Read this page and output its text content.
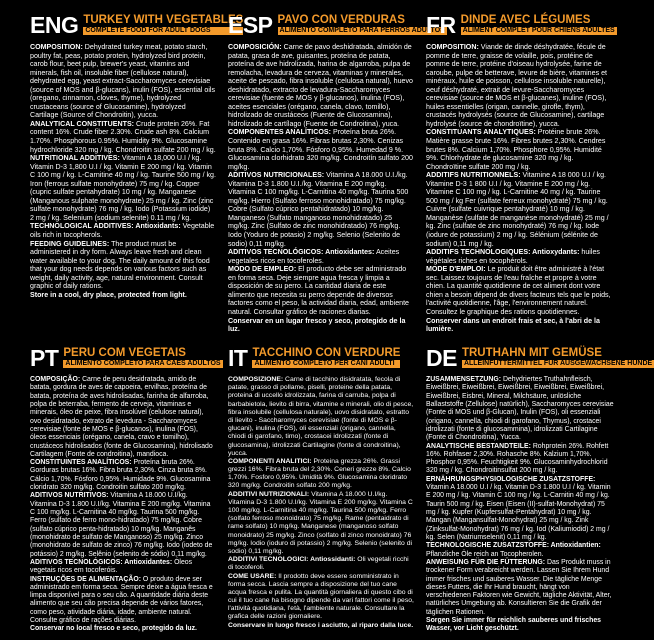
ENG TURKEY WITH VEGETABLES
COMPLETE FOOD FOR ADULT DOGS

COMPOSITION: Dehydrated turkey meat, potato starch, poultry fat, peas, potato protein, hydrolyzed bird protein, carob flour, beet pulp, brewer's yeast, vitamins and minerals, fish oil, insoluble fiber (cellulose natural), dehydrated egg, yeast extract-Saccharomyces cerevisiae (source of MOS and β-glucans), inulin (FOS), essential oils (oregano, cinnamon, cloves, thyme), hydrolyzed crustaceans (source of Glucosamine), hydrolyzed Cartilage (Source of Chondroitin), yucca.

ANALYTICAL CONSTITUENTS: Crude protein 26%. Fat content 16%. Crude fiber 2.30%. Crude ash 8%. Calcium 1.70%. Phosphorous 0.95%. Humidity 9%. Glucosamine hydrochloride 320 mg / kg. Chondroitin sulfate 200 mg / kg.

NUTRITIONAL ADDITIVES: Vitamin A 18,000 U.I / kg. Vitamin D-3 1,800 U.I / kg. Vitamin E 200 mg / kg. Vitamin C 100 mg / kg. L-Carnitine 40 mg / kg. Taurine 500 mg / kg. Iron (ferrous sulfate monohydrate) 75 mg / kg. Copper (cupric sulfate pentahydrate) 10 mg / kg. Manganese (Manganous sulphate monohydrate) 25 mg / kg. Zinc (zinc sulfate monohydrate) 76 mg / kg. Iodo (Potassium iodide) 2 mg / kg. Selenium (sodium selenite) 0.11 mg / kg.

TECHNOLOGICAL ADDITIVES: Antioxidants: Vegetable oils rich in tocopherols.

FEEDING GUIDELINES: The product must be administered in dry form. Always leave fresh and clean water available to your dog. The daily amount of this food that your dog needs depends on various factors such as weight, daily activity, age, natural environment. Consult graphic of daily rations.

Store in a cool, dry place, protected from light.

ESP PAVO CON VERDURAS
ALIMENTO COMPLETO PARA PERROS ADULTOS

COMPOSICIÓN: Carne de pavo deshidratada, almidón de patata, grasa de ave, guisantes, proteína de patata, proteína de ave hidrolizada, harina de algarroba, pulpa de remolacha, levadura de cerveza, vitaminas y minerales, aceite de pescado, fibra insoluble (celulosa natural), huevo deshidratado, extracto de levadura-Saccharomyces cerevisiae (fuente de MOS y β-glucanos), inulina (FOS), aceites esenciales (orégano, canela, clavo, tomillo), hidrolizado de crustáceos (Fuente de Glucosamina), hidrolizado de cartílago (Fuente de Condroitina), yuca.

COMPONENTES ANALÍTICOS: Proteína bruta 26%. Contenido en grasa 16%. Fibras brutas 2,30%. Cenizas bruta 8%. Calcio 1,70%. Fósforo 0,95%. Humedad 9 %. Glucosamina clorhidrato 320 mg/kg. Condroitín sulfato 200 mg/kg.

ADITIVOS NUTRICIONALES: Vitamina A 18.000 U.I./kg. Vitamina D-3 1.800 U.I./kg. Vitamina E 200 mg/kg. Vitamina C 100 mg/kg. L-Carnitina 40 mg/kg. Taurina 500 mg/kg. Hierro (Sulfato ferroso monohidratado) 75 mg/kg. Cobre (Sulfato cúprico pentahidratado) 10 mg/kg. Manganeso (Sulfato manganoso monohidratado) 25 mg/kg. Zinc (Sulfato de zinc monohidratado) 76 mg/kg. Iodo (Yoduro de potasio) 2 mg/kg. Selenio (Selenito de sodio) 0,11 mg/kg.

ADITIVOS TECNOLÓGICOS: Antioxidantes: Aceites vegetales ricos en tocoferoles.

MODO DE EMPLEO: El producto debe ser administrado en forma seca. Deje siempre agua fresca y limpia a disposición de su perro. La cantidad diaria de este alimento que necesita su perro depende de diversos factores como el peso, la actividad diaria, edad, ambiente natural. Consultar gráfico de raciones diarias.

Conservar en un lugar fresco y seco, protegido de la luz.

FR DINDE AVEC LÉGUMES
ALIMENT COMPLET POUR CHIENS ADULTES

COMPOSITION: Viande de dinde déshydratée, fécule de pomme de terre, graisse de volaille, pois, protéine de pomme de terre, protéine d'oiseau hydrolysée, farine de caroube, pulpe de betterave, levure de bière, vitamines et minéraux, huile de poisson, cellulose insoluble naturelle), oeuf déshydraté, extrait de levure-Saccharomyces cerevisiae (source de MOS et β-glucanes), inuline (FOS), huiles essentielles (origan, cannelle, girofle, thym), crustacés hydrolysés (source de Glucosamine), cartilage hydrolysé (source de chondroïtine), yucca.

CONSTITUANTS ANALYTIQUES: Protéine brute 26%. Matière grasse brute 16%. Fibres brutes 2,30%. Cendres brutes 8%. Calcium 1,70%. Phosphore 0,95%. Humidité 9%. Chlorhydrate de glucosamine 320 mg / kg. Chondroïtine sulfate 200 mg / kg.

ADDITIFS NUTRITIONNELS: Vitamine A 18 000 U.I / kg. Vitamine D-3 1 800 U.I / kg. Vitamine E 200 mg / kg. Vitamine C 100 mg / kg. L-Carnitine 40 mg / kg. Taurine 500 mg / kg Fer (sulfate ferreux monohydraté) 75 mg / kg. Cuivre (sulfate cuivrique pentahydraté) 10 mg / kg. Manganèse (sulfate de manganèse monohydraté) 25 mg / kg. Zinc (sulfate de zinc monohydraté) 76 mg / kg. Iode (iodure de potassium) 2 mg / kg. Sélénium (sélénite de sodium) 0,11 mg / kg.

ADDITIFS TECHNOLOGIQUES: Antioxydants: huiles végétales riches en tocophérols.

MODE D'EMPLOI: Le produit doit être administré à l'état sec. Laissez toujours de l'eau fraîche et propre à votre chien. La quantité quotidienne de cet aliment dont votre chien a besoin dépend de divers facteurs tels que le poids, l'activité quotidienne, l'âge, l'environnement naturel. Consultez le graphique des rations quotidiennes.

Conserver dans un endroit frais et sec, à l'abri de la lumière.

PT PERU COM VEGETAIS
ALIMENTO COMPLETO PARA CÃES ADULTOS

COMPOSIÇÃO: Carne de peru desidratada, amido de batata, gordura de aves de capoeira, ervilhas, proteína de batata, proteína de aves hidrolisadas, farinha de alfarroba, polpa de beterraba, fermento de cerveja, vitaminas e minerais, óleo de peixe, fibra insolúvel (celulose natural), ovo desidratado, extrato de levedura - Saccharomyces cerevisiae (fonte de MOS e β-glucanos), inulina (FOS), óleos essenciais (orégano, canela, cravo e tomilho), crustáceos hidrolisados (fonte de Glucosamina), hidrolisado Cartilagem (Fonte de condroitina), mandioca.

CONSTITUINTES ANALÍTICOS: Proteína bruta 26%. Gorduras brutas 16%. Fibra bruta 2,30%. Cinza bruta 8%. Cálcio 1,70%. Fósforo 0,95%. Humidade 9%. Glucosamina cloridrato 320 mg/kg. Condroitin sulfato 200 mg/kg.

ADITIVOS NUTRITIVOS: Vitamina A 18.000 U.I/kg. Vitamina D-3 1.800 U.I/kg. Vitamina E 200 mg/kg. Vitamina C 100 mg/kg. L-Carnitina 40 mg/kg. Taurina 500 mg/kg. Ferro (sulfato de ferro mono-hidratado) 75 mg/kg. Cobre (sulfato cúprico penta-hidratado) 10 mg/kg. Manganês (monohidrato de sulfato de Manganoso) 25 mg/kg. Zinco (monohidrato de sulfato de zinco) 76 mg/kg. Iodo (iodeto de potássio) 2 mg/kg. Selênio (selenito de sódio) 0,11 mg/kg.

ADITIVOS TECNOLÓGICOS: Antioxidantes: Óleos vegetais ricos em tocoferóis.

INSTRUÇÕES DE ALIMENTAÇÃO: O produto deve ser administrado em forma seca. Sempre deixe a água fresca e limpa disponível para o seu cão. A quantidade diária deste alimento que seu cão precisa depende de vários fatores, como peso, atividade diária, idade, ambiente natural. Consulte gráfico de rações diárias.

Conservar no local fresco e seco, protegido da luz.

IT TACCHINO CON VERDURE
ALIMENTO COMPLETO PER CANI ADULTI

COMPOSIZIONE: Carne di tacchino disidratata, fecola di patate, grasso di pollame, piselli, proteine della patata, proteina di uccello idrolizzata, farina di carruba, polpa di barbabietola, lievito di birra, vitamine e minerali, olio di pesce, fibra insolubile (cellulosa naturale), uovo disidratato, estratto di lievito - Saccharomyces cerevisiae (fonte di MOS e β-glucani), inulina (FOS), oli essenziali (origano, cannella, chiodi di garofano, timo), crostacei idrolizzati (fonte di glucosamina), idrolizzati Cartilagine (fonte di condroitina), yucca.

COMPONENTI ANALITICI: Proteina grezza 26%. Grassi grezzi 16%. Fibra bruta del 2,30%. Ceneri grezze 8%. Calcio 1,70%. Fosforo 0,95%. Umidità 9%. Glucosamina cloridrato 320 mg/kg. Condroitin solfato 200 mg/kg.

ADDITIVI NUTRIZIONALI: Vitamina A 18.000 U.I/kg. Vitamina D-3 1.800 U.I/kg. Vitamina E 200 mg/kg. Vitamina C 100 mg/kg. L-Carnitina 40 mg/kg. Taurina 500 mg/kg. Ferro (solfato ferroso monoidrato) 75 mg/kg. Rame (pentaidrato di rame solfato) 10 mg/kg. Manganese (manganoso solfato monoidrato) 25 mg/kg. Zinco (solfato di zinco monoidrato) 76 mg/kg. Iodio (ioduro di potassio) 2 mg/kg. Selenio (selenito di sodio) 0,11 mg/kg.

ADDITIVI TECNOLOGICI: Antiossidanti: Oli vegetali ricchi di tocoferoli.

COME USARE: Il prodotto deve essere somministrato in forma secca. Lascia sempre a disposizione del tuo cane acqua fresca e pulita. La quantità giornaliera di questo cibo di cui il tuo cane ha bisogno dipende da vari fattori come il peso, l'attività quotidiana, l'età, l'ambiente naturale. Consultare la grafica delle razioni giornaliere.

Conservare in luogo fresco i asciutto, al riparo dalla luce.

DE TRUTHAHN MIT GEMÜSE
ALLEINFUTTERMITTEL FÜR AUSGEWACHSENE HUNDE

ZUSAMMENSETZUNG: Dehydriertes Truthahnfleisch, Eiweißbrei, Eiweißbrei, Eiweißbrei, Eiweißbrei, Eiweißbrei, Eiweißbrei, Eisbrei, Mineral, Milchsäure, unlösliche Ballaststoffe (Zellulose) natürlich), Saccharomyces cerevisiae (Fonte di MOS und β-Glucan), Inulin (FOS), oli essenziali (origano, cannella, chiodi di garofano, Thymus), crostacei idrolizzati (fonte di glucosammina), idrolizzati Cartilagine (Fonte di Chondroitina), Yucca.

ANALYTISCHE BESTANDTEILE: Rohprotein 26%. Rohfett 16%. Rohfaser 2,30%. Rohasche 8%. Kalzium 1,70%. Phosphor 0,95%. Feuchtigkeit 9%. Glucosaminhydrochlorid 320 mg / kg. Chondroitinsulfat 200 mg / kg.

ERNÄHRUNGSPHYSIOLOGISCHE ZUSATZSTOFFE: Vitamin A 18.000 U.I / kg. Vitamin D-3 1.800 U.I / kg. Vitamin E 200 mg / kg. Vitamin C 100 mg / kg. L-Carnitin 40 mg / kg. Taurin 500 mg / kg. Eisen (Eisen (II)-sulfat-Monohydrat) 75 mg / kg. Kupfer (Kupfersulfat-Pentahydrat) 10 mg / kg. Mangan (Mangansulfat-Monohydrat) 25 mg / kg. Zink (Zinksulfat-Monohydrat) 76 mg / kg. Iod (Kaliumiodid) 2 mg / kg. Selen (Natriumselenit) 0,11 mg / kg.

TECHNOLOGISCHE ZUSATZSTOFFE: Antioxidantien: Pflanzliche Öle reich an Tocopherolen.

ANWEISUNG FÜR DIE FÜTTERUNG: Das Produkt muss in trockener Form verabreicht werden. Lassen Sie Ihrem Hund immer frisches und sauberes Wasser. Die tägliche Menge dieses Futters, die Ihr Hund braucht, hängt von verschiedenen Faktoren wie Gewicht, tägliche Aktivität, Alter, natürliches Umgebung ab. Konsultieren Sie die Grafik der täglichen Rationen.

Sorgen Sie immer für reichlich sauberes und frisches Wasser, vor Licht geschützt.
